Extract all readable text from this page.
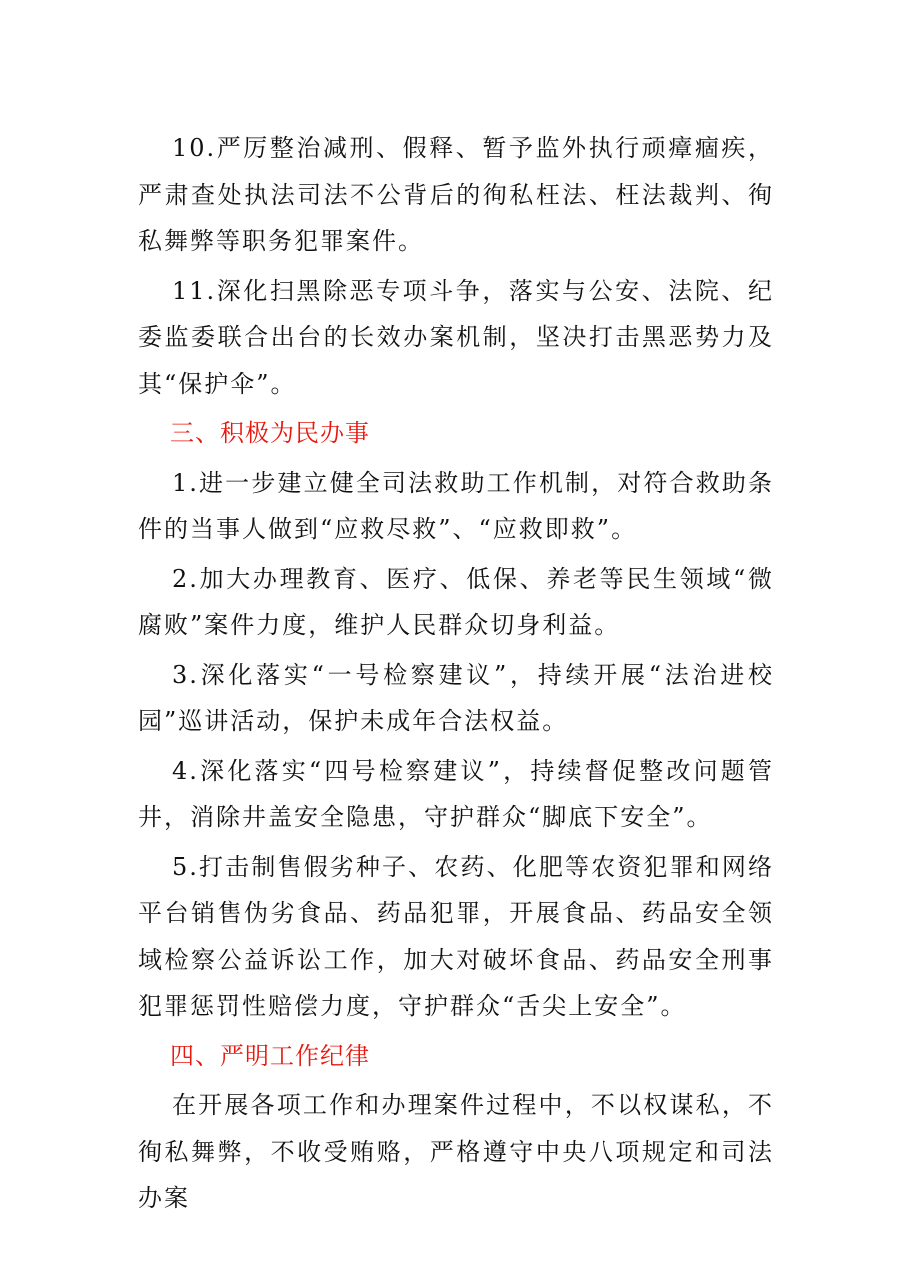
10.严厉整治减刑、假释、暂予监外执行顽瘴痼疾，严肃查处执法司法不公背后的徇私枉法、枉法裁判、徇私舞弊等职务犯罪案件。

11.深化扫黑除恶专项斗争，落实与公安、法院、纪委监委联合出台的长效办案机制，坚决打击黑恶势力及其“保护伞”。

三、积极为民办事

1.进一步建立健全司法救助工作机制，对符合救助条件的当事人做到“应救尽救”、“应救即救”。

2.加大办理教育、医疗、低保、养老等民生领域“微腐败”案件力度，维护人民群众切身利益。

3.深化落实“一号检察建议”，持续开展“法治进校园”巡讲活动，保护未成年合法权益。

4.深化落实“四号检察建议”，持续督促整改问题管井，消除井盖安全隐患，守护群众“脚底下安全”。

5.打击制售假劣种子、农药、化肥等农资犯罪和网络平台销售伪劣食品、药品犯罪，开展食品、药品安全领域检察公益诉讼工作，加大对破坏食品、药品安全刑事犯罪惩罚性赔偿力度，守护群众“舌尖上安全”。

四、严明工作纪律

在开展各项工作和办理案件过程中，不以权谋私，不徇私舞弊，不收受贿赂，严格遵守中央八项规定和司法办案
